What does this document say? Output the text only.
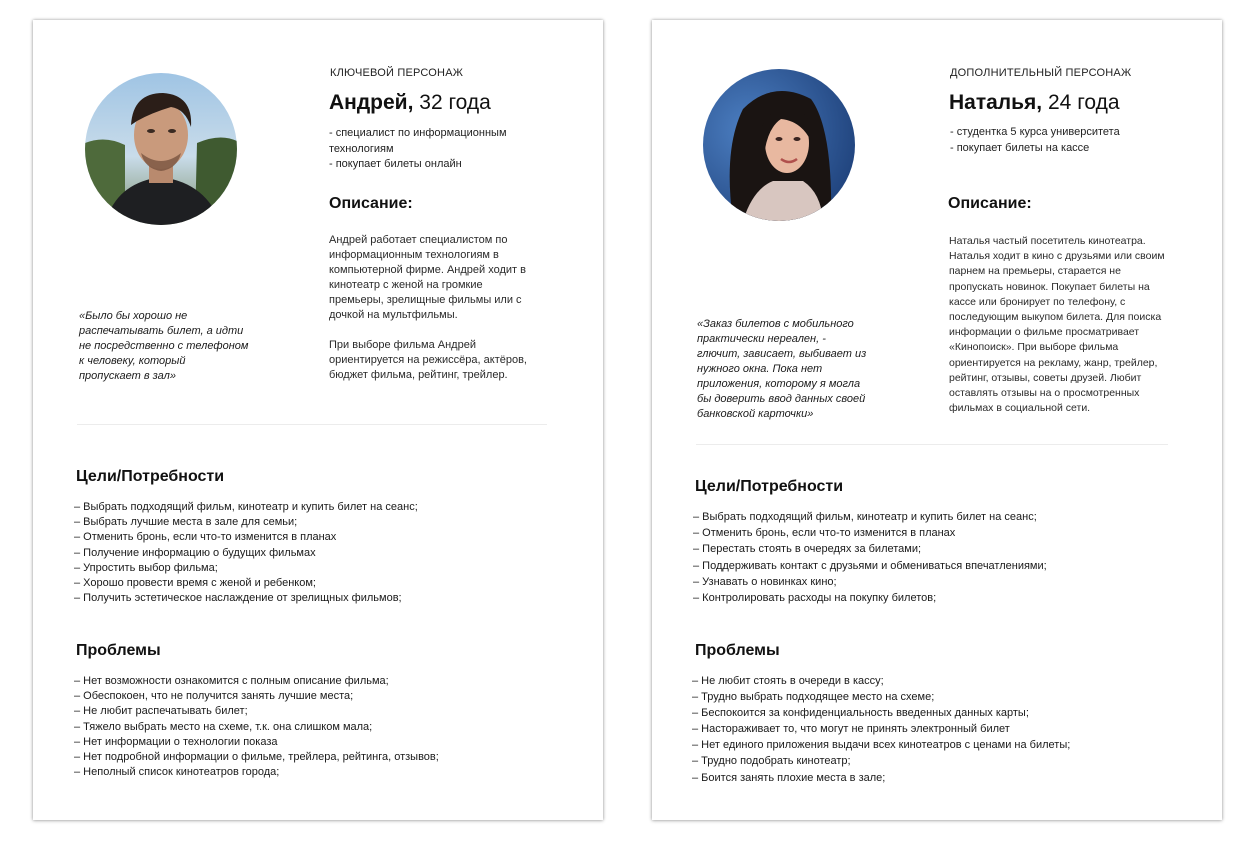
КЛЮЧЕВОЙ ПЕРСОНАЖ
Андрей, 32 года
- специалист по информационным
технологиям
- покупает билеты онлайн
Описание:

Андрей работает специалистом по
информационным технологиям в
компьютерной фирме. Андрей ходит в
кинотеатр с женой на громкие
премьеры, зрелищные фильмы или с
дочкой на мультфильмы.

При выборе фильма Андрей
ориентируется на режиссёра, актёров,
бюджет фильма, рейтинг, трейлер.

«Было бы хорошо не
распечатывать билет, а идти
не посредственно с телефоном
к человеку, который
пропускает в зал»
Цели/Потребности
– Выбрать подходящий фильм, кинотеатр и купить билет на сеанс;
– Выбрать лучшие места в зале для семьи;
– Отменить бронь, если что-то изменится в планах
– Получение информацию о будущих фильмах
– Упростить выбор фильма;
– Хорошо провести время с женой и ребенком;
– Получить эстетическое наслаждение от зрелищных фильмов;
Проблемы
– Нет возможности ознакомится с полным описание фильма;
– Обеспокоен, что не получится занять лучшие места;
– Не любит распечатывать билет;
– Тяжело выбрать место на схеме, т.к. она слишком мала;
– Нет информации о технологии показа
– Нет подробной информации о фильме, трейлера, рейтинга, отзывов;
– Неполный список кинотеатров города;
ДОПОЛНИТЕЛЬНЫЙ ПЕРСОНАЖ
Наталья, 24 года
- студентка 5 курса университета
- покупает билеты на кассе
Описание:

Наталья частый посетитель кинотеатра.
Наталья ходит в кино с друзьями или своим
парнем на премьеры, старается не
пропускать новинок. Покупает билеты на
кассе или бронирует по телефону, с
последующим выкупом билета. Для поиска
информации о фильме просматривает
«Кинопоиск». При выборе фильма
ориентируется на рекламу, жанр, трейлер,
рейтинг, отзывы, советы друзей. Любит
оставлять отзывы на о просмотренных
фильмах в социальной сети.

«Заказ билетов с мобильного
практически нереален, -
глючит, зависает, выбивает из
нужного окна. Пока нет
приложения, которому я могла
бы доверить ввод данных своей
банковской карточки»
Цели/Потребности
– Выбрать подходящий фильм, кинотеатр и купить билет на сеанс;
– Отменить бронь, если что-то изменится в планах
– Перестать стоять в очередях за билетами;
– Поддерживать контакт с друзьями и обмениваться впечатлениями;
– Узнавать о новинках кино;
– Контролировать расходы на покупку билетов;
Проблемы
– Не любит стоять в очереди в кассу;
– Трудно выбрать подходящее место на схеме;
– Беспокоится за конфиденциальность введенных данных карты;
– Настораживает то, что могут не принять электронный билет
– Нет единого приложения выдачи всех кинотеатров с ценами на билеты;
– Трудно подобрать кинотеатр;
– Боится занять плохие места в зале;
